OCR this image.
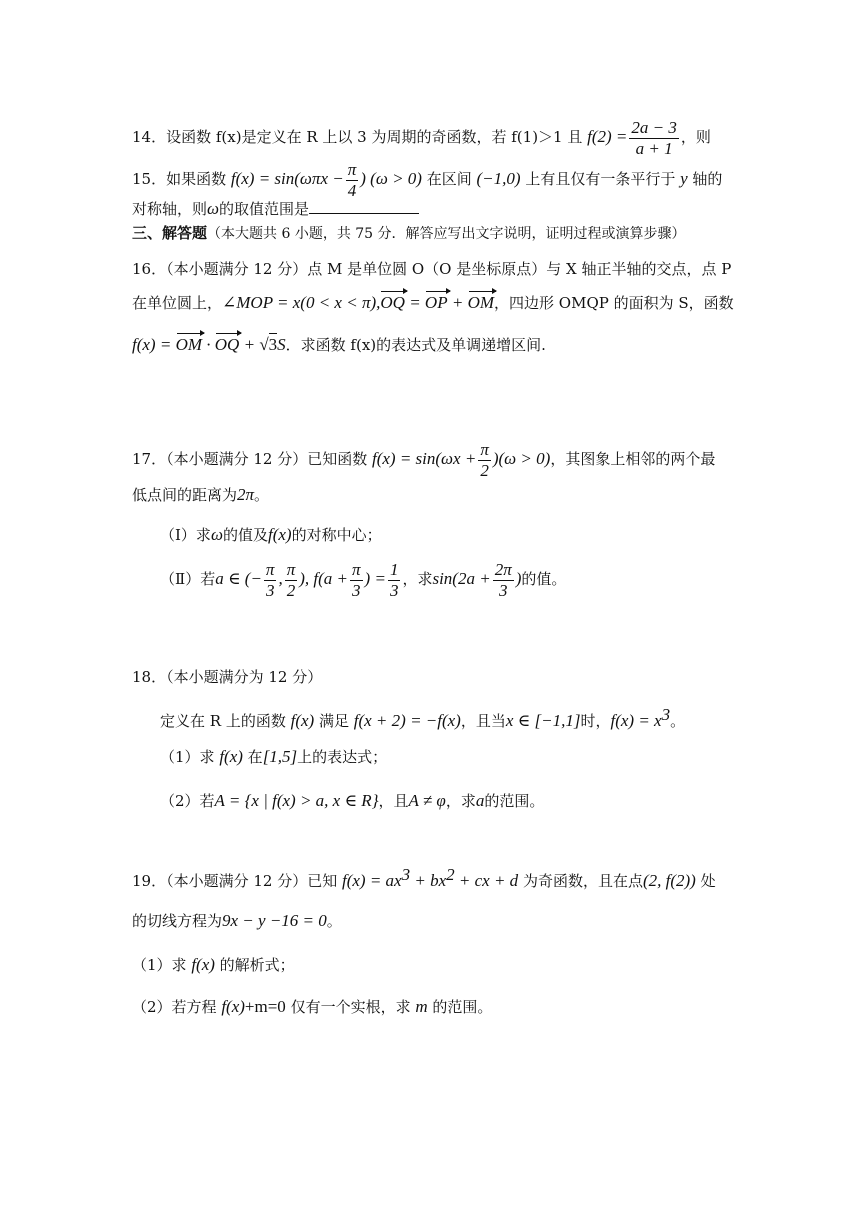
14．设函数 f(x)是定义在 R 上以 3 为周期的奇函数，若 f(1)＞1 且 $f(2) = \frac{2a - 3}{a + 1}$ ，则
15．如果函数 $f(x) = \sin(\omega\pi x - \frac{\pi}{4}$ ) (ω > 0) 在区间 (−1,0) 上有且仅有一条平行于 y 轴的
对称轴，则ω的取值范围是
三、解答题（本大题共 6 小题，共 75 分．解答应写出文字说明，证明过程或演算步骤）
16．（本小题满分 12 分）点 M 是单位圆 O（O 是坐标原点）与 X 轴正半轴的交点，点 P
在单位圆上，∠MOP = x(0 < x < π),OQ = OP + OM，四边形 OMQP 的面积为 S，函数
f(x) = OM · OQ + √3S．求函数 f(x)的表达式及单调递增区间.
17．（本小题满分 12 分）已知函数 $f(x) = \sin(\omega x + \frac{\pi}{2} )(\omega > 0)$，其图象上相邻的两个最
低点间的距离为2π。
（Ⅰ）求ω的值及f(x)的对称中心；
（Ⅱ）若a ∈ (− $\frac{\pi}{3}$ , $\frac{\pi}{2}$ ), $f(a + \frac{\pi}{3}$ ) = $\frac{1}{3}$ ，求$\sin(2a + \frac{2\pi}{3}$ )的值。
18．（本小题满分为 12 分）
定义在 R 上的函数 f(x) 满足 f(x + 2) = −f(x)，且当x ∈ [−1,1]时，$f(x) = x^3$。
（1）求 f(x) 在[1,5]上的表达式；
（2）若A = {x | f(x) > a, x ∈ R}，且A ≠ φ，求a的范围。
19．（本小题满分 12 分）已知 $f(x) = ax^3 + bx^2$ + cx + d 为奇函数，且在点(2, f(2)) 处
的切线方程为9x − y −16 = 0。
（1）求 f(x) 的解析式；
（2）若方程 f(x)+m=0 仅有一个实根，求 m 的范围。
